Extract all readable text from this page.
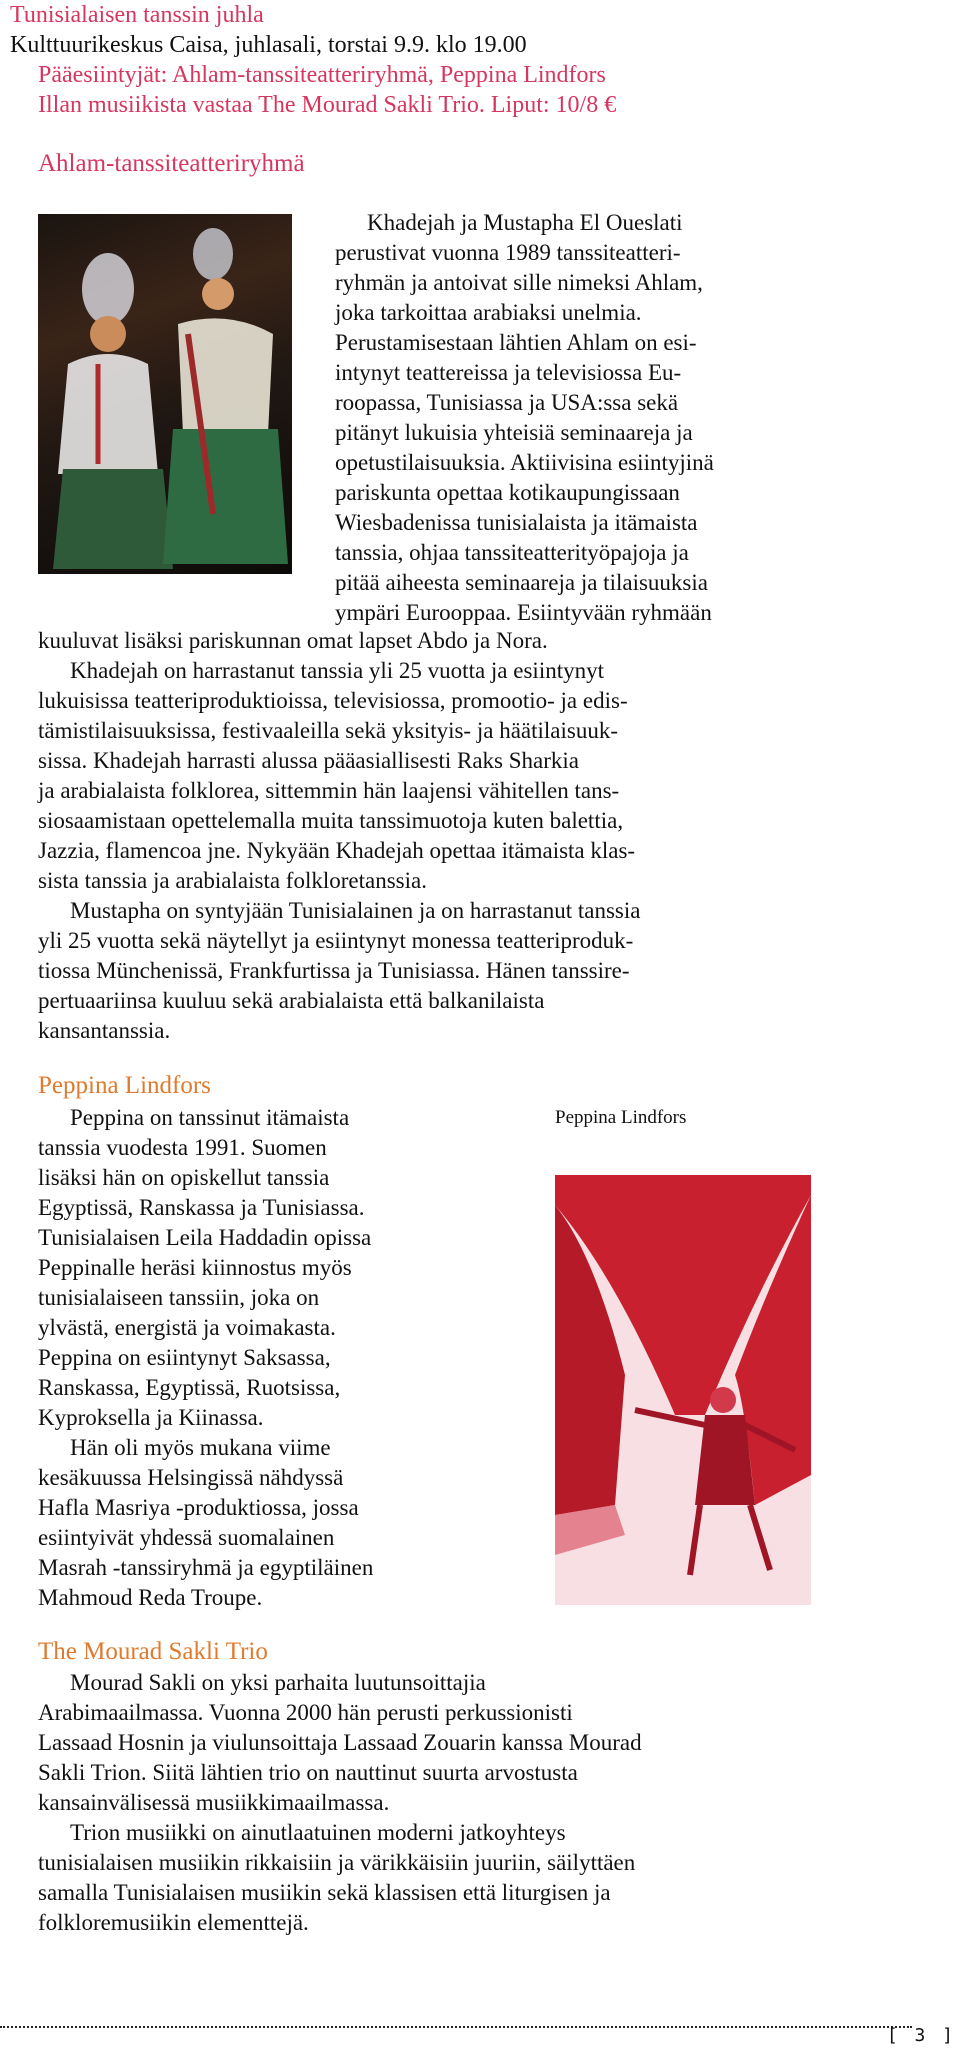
Tunisialaisen tanssin juhla

Kulttuurikeskus Caisa, juhlasali, torstai 9.9. klo 19.00

Pääesiintyjät: Ahlam-tanssiteatteriryhmä, Peppina Lindfors

Illan musiikista vastaa The Mourad Sakli Trio. Liput: 10/8 €

Ahlam-tanssiteatteriryhmä

Khadejah ja Mustapha El Oueslati

perustivat vuonna 1989 tanssiteatteri-

ryhmän ja antoivat sille nimeksi Ahlam,

joka tarkoittaa arabiaksi unelmia.

Perustamisestaan lähtien Ahlam on esi-

intynyt teattereissa ja televisiossa Eu-

roopassa, Tunisiassa ja USA:ssa sekä

pitänyt lukuisia yhteisiä seminaareja ja

opetustilaisuuksia. Aktiivisina esiintyjinä

pariskunta opettaa kotikaupungissaan

Wiesbadenissa tunisialaista ja itämaista

tanssia, ohjaa tanssiteatterityöpajoja ja

pitää aiheesta seminaareja ja tilaisuuksia

ympäri Eurooppaa. Esiintyvään ryhmään

kuuluvat lisäksi pariskunnan omat lapset Abdo ja Nora.

Khadejah on harrastanut tanssia yli 25 vuotta ja esiintynyt

lukuisissa teatteriproduktioissa, televisiossa, promootio- ja edis-

tämistilaisuuksissa, festivaaleilla sekä yksityis- ja häätilaisuuk-

sissa. Khadejah harrasti alussa pääasiallisesti Raks Sharkia

ja arabialaista folklorea, sittemmin hän laajensi vähitellen tans-

siosaamistaan opettelemalla muita tanssimuotoja kuten balettia,

Jazzia, flamencoa jne. Nykyään Khadejah opettaa itämaista klas-

sista tanssia ja arabialaista folkloretanssia.

Mustapha on syntyjään Tunisialainen ja on harrastanut tanssia

yli 25 vuotta sekä näytellyt ja esiintynyt monessa teatteriproduk-

tiossa Münchenissä, Frankfurtissa ja Tunisiassa. Hänen tanssire-

pertuaariinsa kuuluu sekä arabialaista että balkanilaista

kansantanssia.

Peppina Lindfors

Peppina on tanssinut itämaista

tanssia vuodesta 1991. Suomen

lisäksi hän on opiskellut tanssia

Egyptissä, Ranskassa ja Tunisiassa.

Tunisialaisen Leila Haddadin opissa

Peppinalle heräsi kiinnostus myös

tunisialaiseen tanssiin, joka on

ylvästä, energistä ja voimakasta.

Peppina on esiintynyt Saksassa,

Ranskassa, Egyptissä, Ruotsissa,

Kyproksella ja Kiinassa.

Hän oli myös mukana viime

kesäkuussa Helsingissä nähdyssä

Hafla Masriya -produktiossa, jossa

esiintyivät yhdessä suomalainen

Masrah -tanssiryhmä ja egyptiläinen

Mahmoud Reda Troupe.

Peppina Lindfors

The Mourad Sakli Trio

Mourad Sakli on yksi parhaita luutunsoittajia

Arabimaailmassa. Vuonna 2000 hän perusti perkussionisti

Lassaad Hosnin ja viulunsoittaja Lassaad Zouarin kanssa Mourad

Sakli Trion. Siitä lähtien trio on nauttinut suurta arvostusta

kansainvälisessä musiikkimaailmassa.

Trion musiikki on ainutlaatuinen moderni jatkoyhteys

tunisialaisen musiikin rikkaisiin ja värikkäisiin juuriin, säilyttäen

samalla Tunisialaisen musiikin sekä klassisen että liturgisen ja

folkloremusiikin elementtejä.

[ 3 ]
